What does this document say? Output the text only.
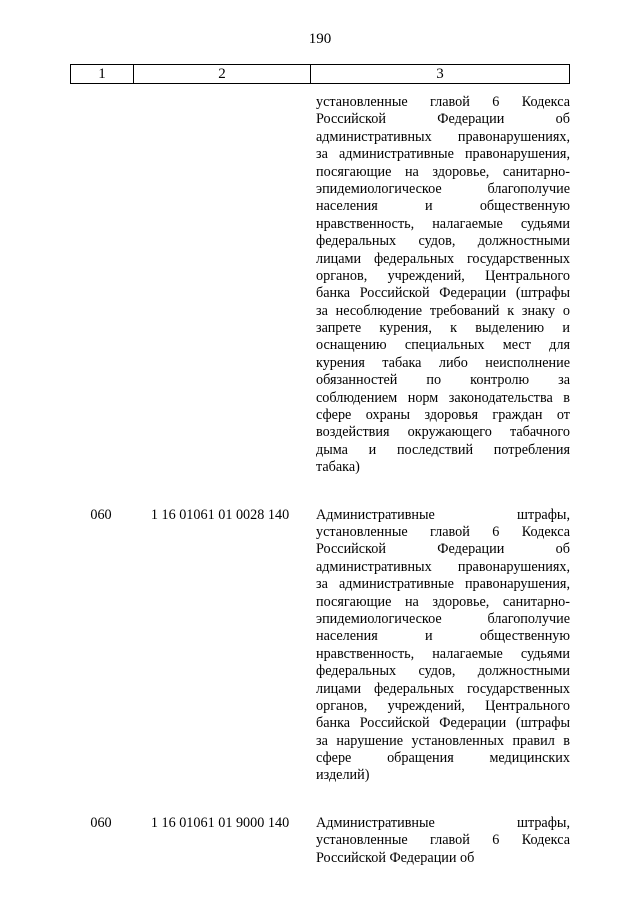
190
1	2	3
установленные главой 6 Кодекса
Российской Федерации об
административных правонарушениях,
за административные правонарушения,
посягающие на здоровье, санитарно-
эпидемиологическое благополучие
населения и общественную
нравственность, налагаемые судьями
федеральных судов, должностными
лицами федеральных государственных
органов, учреждений, Центрального
банка Российской Федерации (штрафы
за несоблюдение требований к знаку о
запрете курения, к выделению и
оснащению специальных мест для
курения табака либо неисполнение
обязанностей по контролю за
соблюдением норм законодательства в
сфере охраны здоровья граждан от
воздействия окружающего табачного
дыма и последствий потребления
табака)
060	1 16 01061 01 0028 140	Административные штрафы,
установленные главой 6 Кодекса
Российской Федерации об
административных правонарушениях,
за административные правонарушения,
посягающие на здоровье, санитарно-
эпидемиологическое благополучие
населения и общественную
нравственность, налагаемые судьями
федеральных судов, должностными
лицами федеральных государственных
органов, учреждений, Центрального
банка Российской Федерации (штрафы
за нарушение установленных правил в
сфере обращения медицинских
изделий)
060	1 16 01061 01 9000 140	Административные штрафы,
установленные главой 6 Кодекса
Российской Федерации об
